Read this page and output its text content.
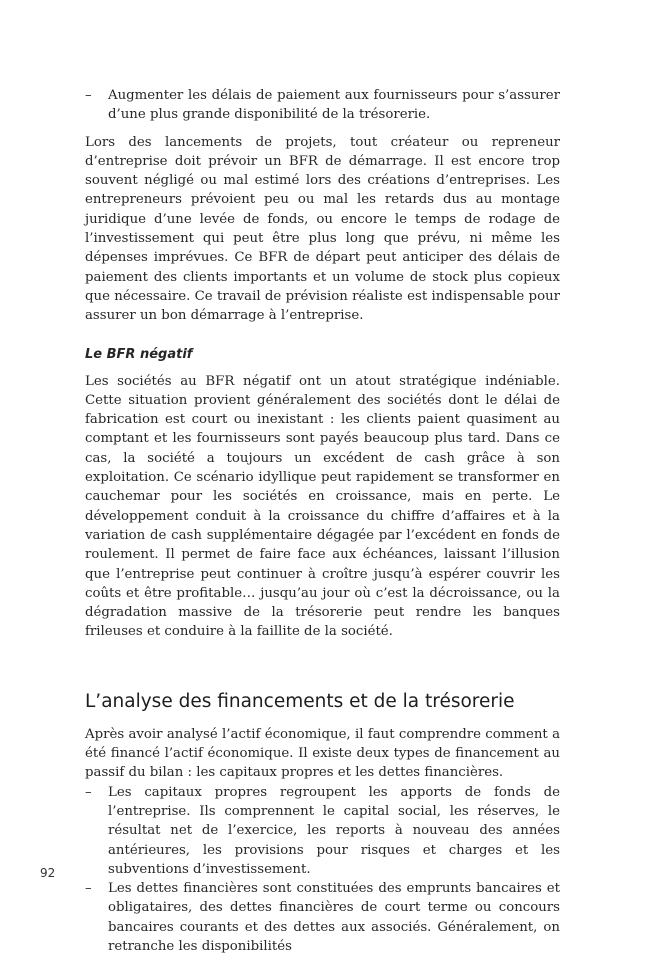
– Augmenter les délais de paiement aux fournisseurs pour s’assurer d’une plus grande disponibilité de la trésorerie.

Lors des lancements de projets, tout créateur ou repreneur d’entreprise doit prévoir un BFR de démarrage. Il est encore trop souvent négligé ou mal estimé lors des créations d’entreprises. Les entrepreneurs prévoient peu ou mal les retards dus au montage juridique d’une levée de fonds, ou encore le temps de rodage de l’investissement qui peut être plus long que prévu, ni même les dépenses imprévues. Ce BFR de départ peut anticiper des délais de paiement des clients importants et un volume de stock plus copieux que nécessaire. Ce travail de prévision réaliste est indispensable pour assurer un bon démarrage à l’entreprise.

Le BFR négatif

Les sociétés au BFR négatif ont un atout stratégique indéniable. Cette situation provient généralement des sociétés dont le délai de fabrication est court ou inexistant : les clients paient quasiment au comptant et les fournisseurs sont payés beaucoup plus tard. Dans ce cas, la société a toujours un excédent de cash grâce à son exploitation. Ce scénario idyllique peut rapidement se transformer en cauchemar pour les sociétés en croissance, mais en perte. Le développement conduit à la croissance du chiffre d’affaires et à la variation de cash supplémentaire dégagée par l’excédent en fonds de roulement. Il permet de faire face aux échéances, laissant l’illusion que l’entreprise peut continuer à croître jusqu’à espérer couvrir les coûts et être profitable… jusqu’au jour où c’est la décroissance, ou la dégradation massive de la trésorerie peut rendre les banques frileuses et conduire à la faillite de la société.

L’analyse des financements et de la trésorerie

Après avoir analysé l’actif économique, il faut comprendre comment a été financé l’actif économique. Il existe deux types de financement au passif du bilan : les capitaux propres et les dettes financières.

– Les capitaux propres regroupent les apports de fonds de l’entreprise. Ils comprennent le capital social, les réserves, le résultat net de l’exercice, les reports à nouveau des années antérieures, les provisions pour risques et charges et les subventions d’investissement.

– Les dettes financières sont constituées des emprunts bancaires et obligataires, des dettes financières de court terme ou concours bancaires courants et des dettes aux associés. Généralement, on retranche les disponibilités

92
